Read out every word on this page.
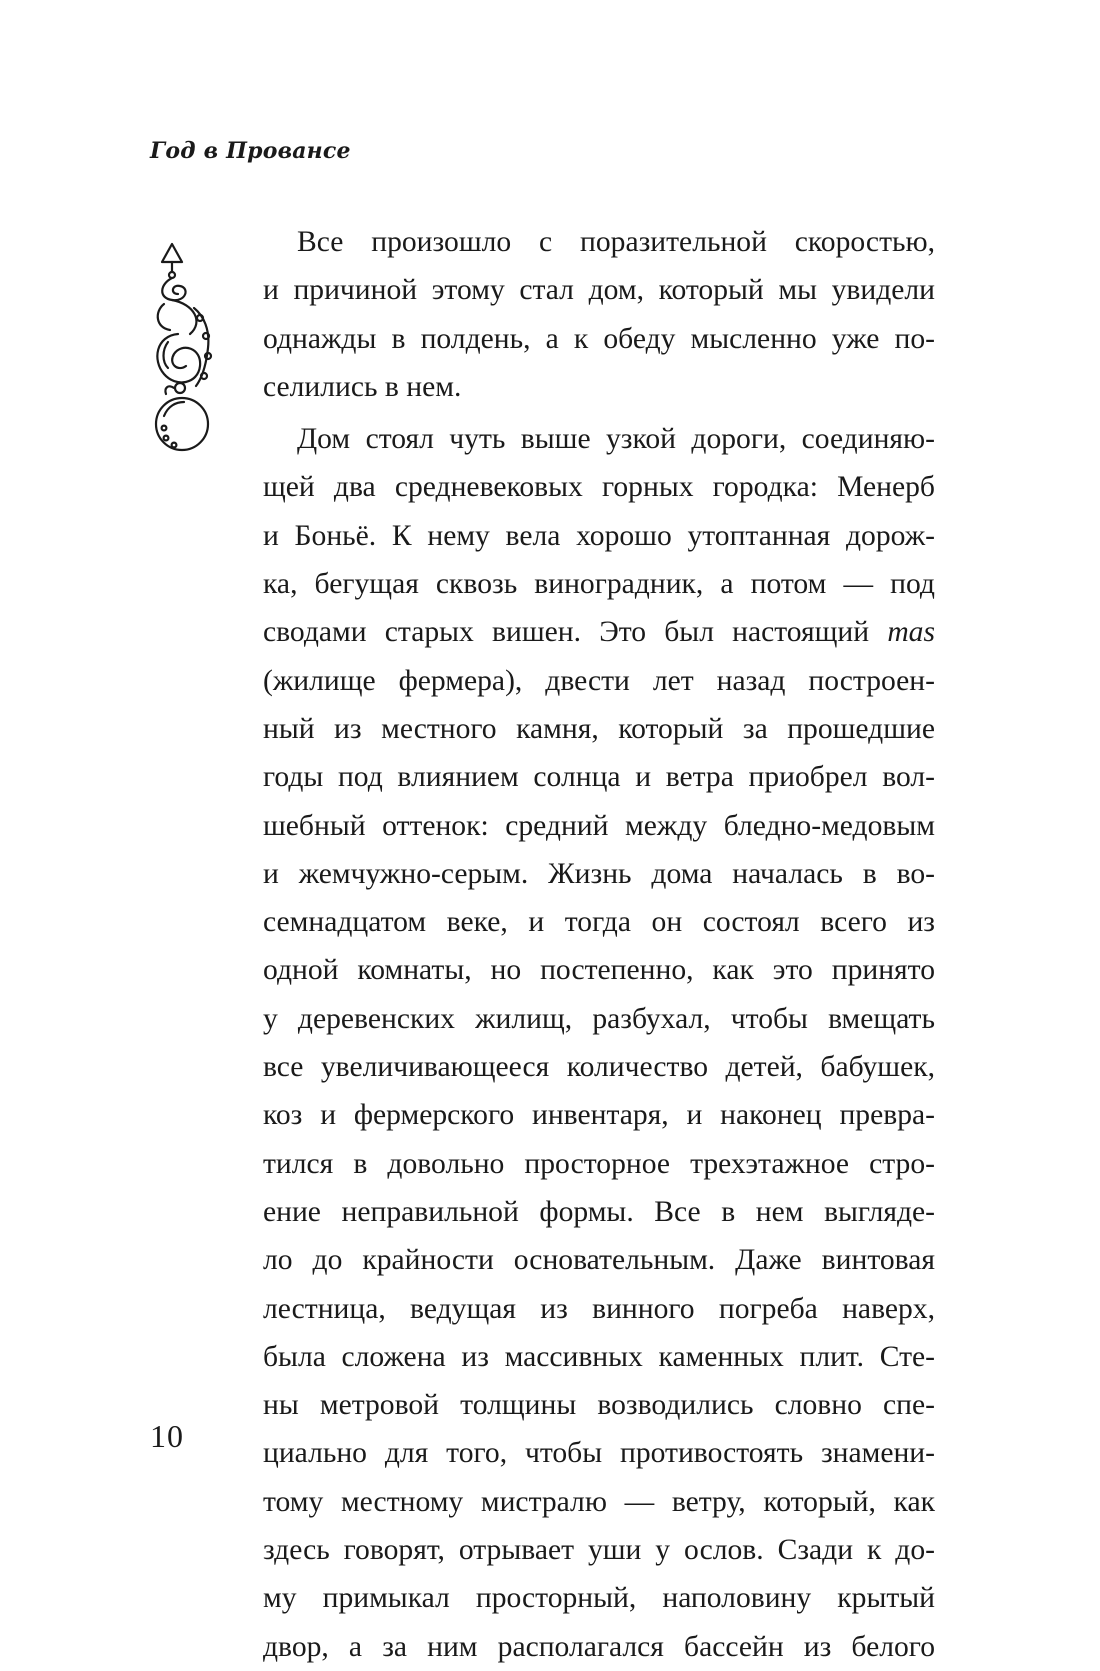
Год в Провансе
Все произошло с поразительной скоростью,
и причиной этому стал дом, который мы увидели
однажды в полдень, а к обеду мысленно уже по-
селились в нем.
Дом стоял чуть выше узкой дороги, соединяю-
щей два средневековых горных городка: Менерб
и Боньё. К нему вела хорошо утоптанная дорож-
ка, бегущая сквозь виноградник, а потом — под
сводами старых вишен. Это был настоящий mas
(жилище фермера), двести лет назад построен-
ный из местного камня, который за прошедшие
годы под влиянием солнца и ветра приобрел вол-
шебный оттенок: средний между бледно-медовым
и жемчужно-серым. Жизнь дома началась в во-
семнадцатом веке, и тогда он состоял всего из
одной комнаты, но постепенно, как это принято
у деревенских жилищ, разбухал, чтобы вмещать
все увеличивающееся количество детей, бабушек,
коз и фермерского инвентаря, и наконец превра-
тился в довольно просторное трехэтажное стро-
ение неправильной формы. Все в нем выгляде-
ло до крайности основательным. Даже винтовая
лестница, ведущая из винного погреба наверх,
была сложена из массивных каменных плит. Сте-
ны метровой толщины возводились словно спе-
циально для того, чтобы противостоять знамени-
тому местному мистралю — ветру, который, как
здесь говорят, отрывает уши у ослов. Сзади к до-
му примыкал просторный, наполовину крытый
двор, а за ним располагался бассейн из белого
10
